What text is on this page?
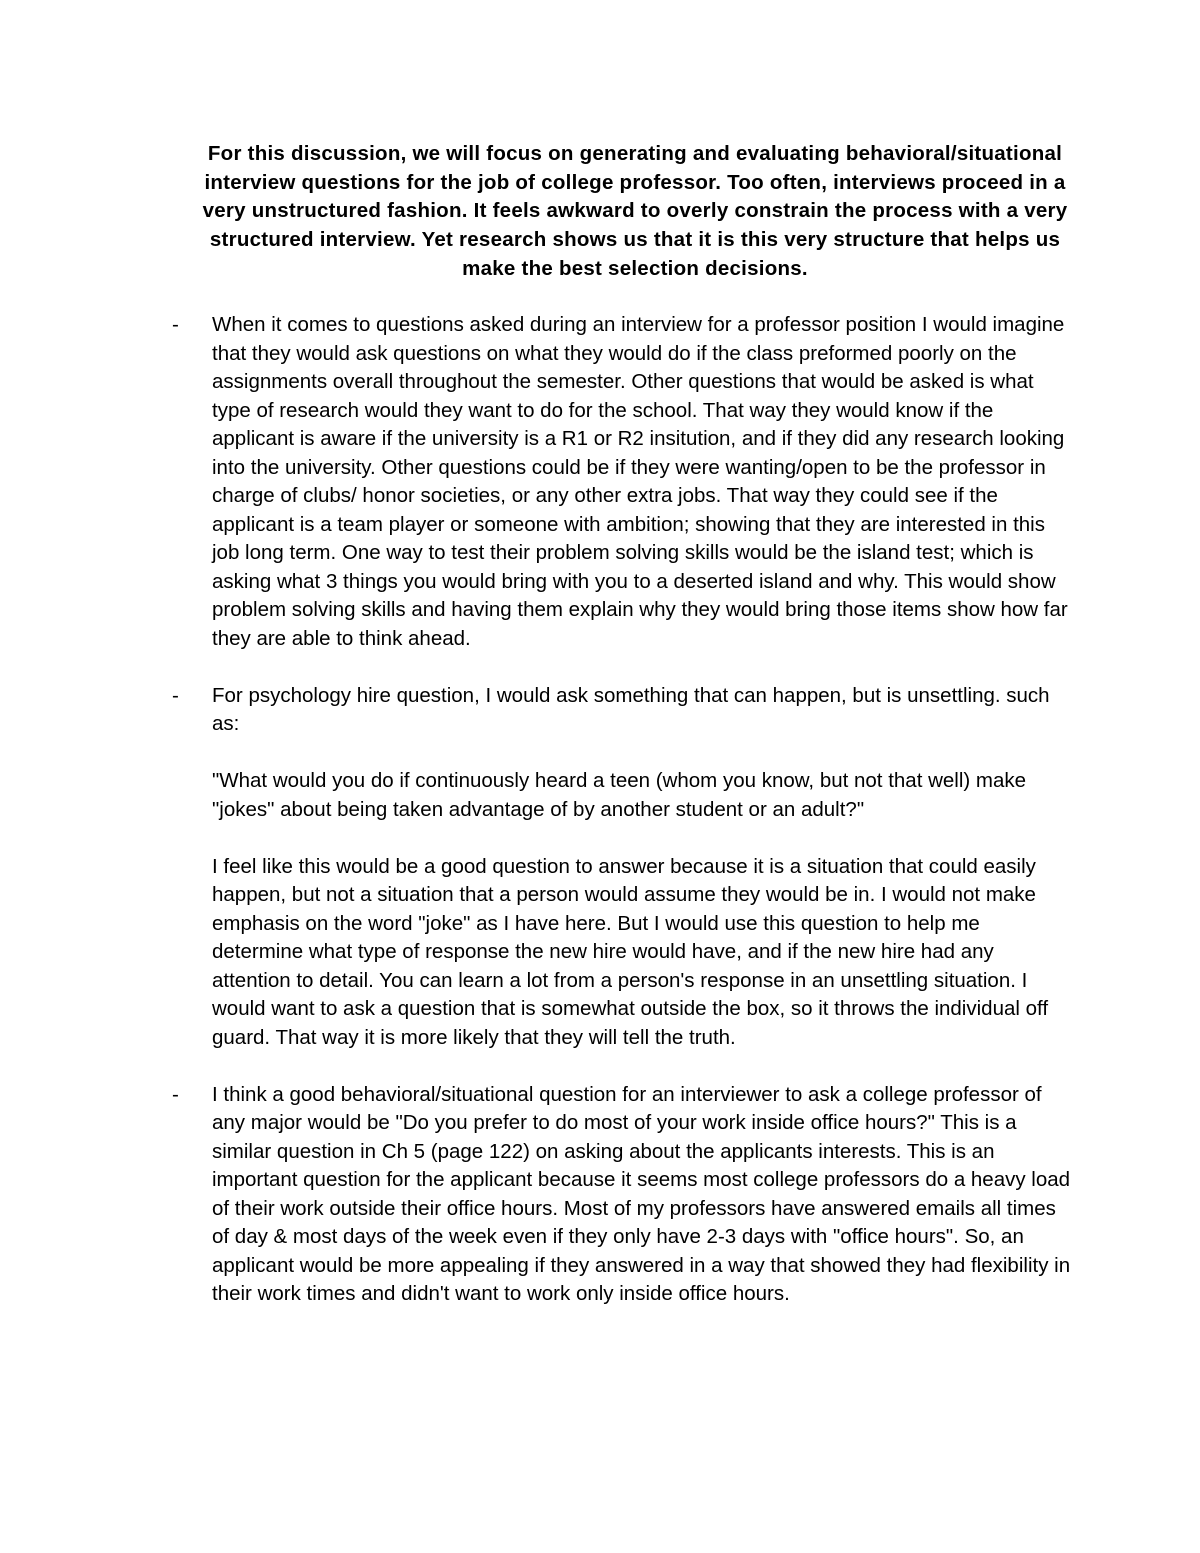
For this discussion, we will focus on generating and evaluating behavioral/situational interview questions for the job of college professor. Too often, interviews proceed in a very unstructured fashion. It feels awkward to overly constrain the process with a very structured interview. Yet research shows us that it is this very structure that helps us make the best selection decisions.
- When it comes to questions asked during an interview for a professor position I would imagine that they would ask questions on what they would do if the class preformed poorly on the assignments overall throughout the semester. Other questions that would be asked is what type of research would they want to do for the school. That way they would know if the applicant is aware if the university is a R1 or R2 insitution, and if they did any research looking into the university. Other questions could be if they were wanting/open to be the professor in charge of clubs/ honor societies, or any other extra jobs. That way they could see if the applicant is a team player or someone with ambition; showing that they are interested in this job long term. One way to test their problem solving skills would be the island test; which is asking what 3 things you would bring with you to a deserted island and why. This would show problem solving skills and having them explain why they would bring those items show how far they are able to think ahead.

- For psychology hire question, I would ask something that can happen, but is unsettling. such as:

"What would you do if continuously heard a teen (whom you know, but not that well) make "jokes" about being taken advantage of by another student or an adult?"

I feel like this would be a good question to answer because it is a situation that could easily happen, but not a situation that a person would assume they would be in. I would not make emphasis on the word "joke" as I have here. But I would use this question to help me determine what type of response the new hire would have, and if the new hire had any attention to detail. You can learn a lot from a person's response in an unsettling situation. I would want to ask a question that is somewhat outside the box, so it throws the individual off guard. That way it is more likely that they will tell the truth.

- I think a good behavioral/situational question for an interviewer to ask a college professor of any major would be "Do you prefer to do most of your work inside office hours?" This is a similar question in Ch 5 (page 122) on asking about the applicants interests. This is an important question for the applicant because it seems most college professors do a heavy load of their work outside their office hours. Most of my professors have answered emails all times of day & most days of the week even if they only have 2-3 days with "office hours". So, an applicant would be more appealing if they answered in a way that showed they had flexibility in their work times and didn't want to work only inside office hours.
